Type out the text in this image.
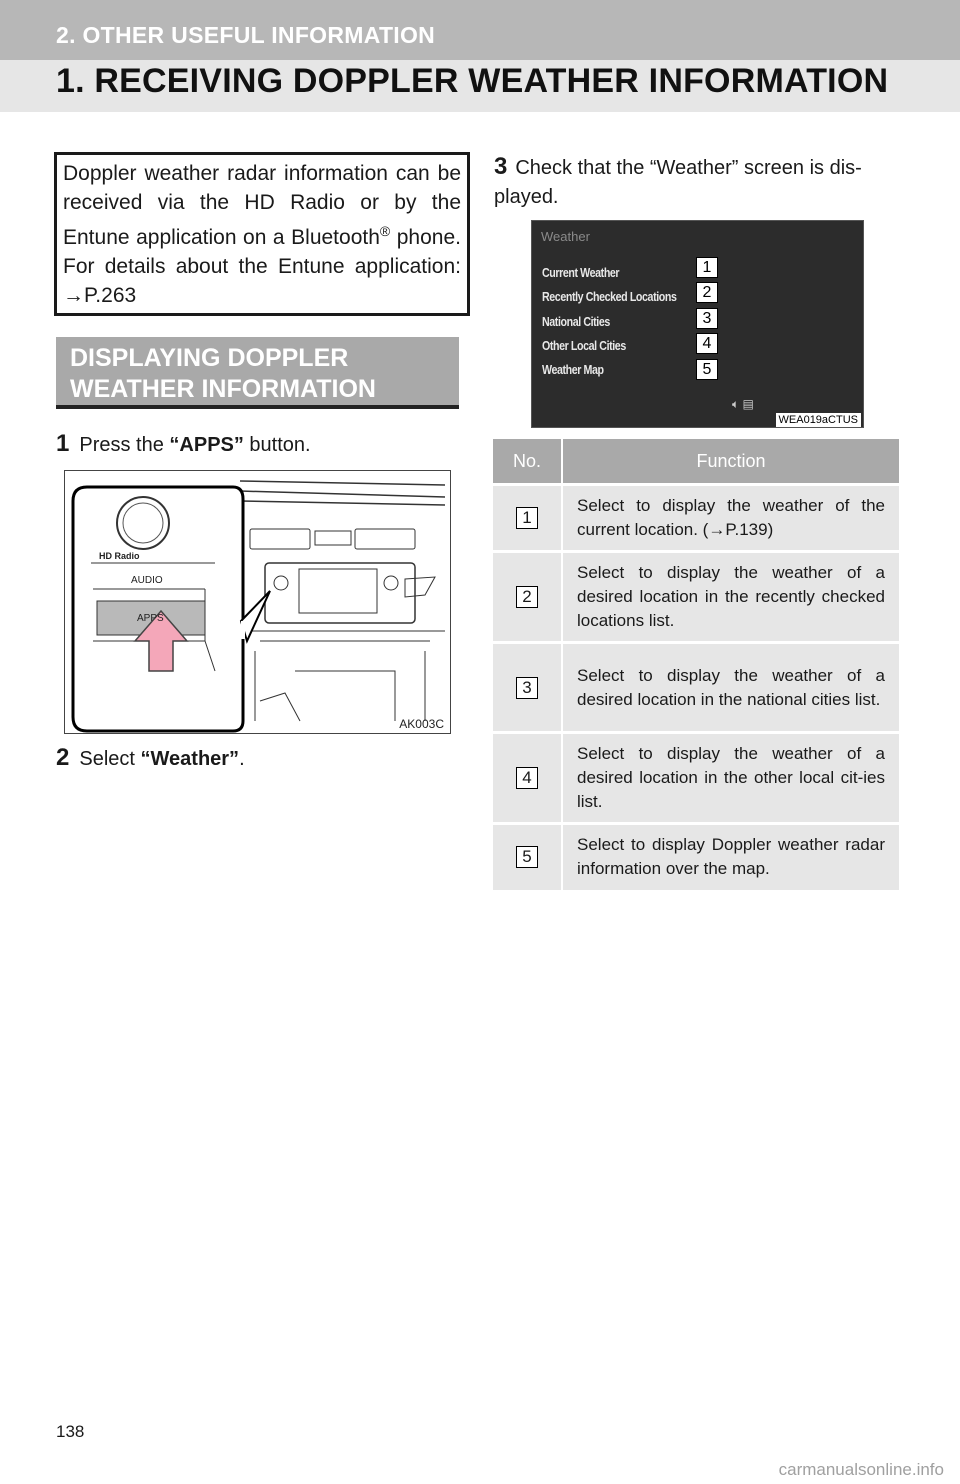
2. OTHER USEFUL INFORMATION
1. RECEIVING DOPPLER WEATHER INFORMATION
Doppler weather radar information can be received via the HD Radio or by the Entune application on a Bluetooth® phone. For details about the Entune application: →P.263
DISPLAYING DOPPLER WEATHER INFORMATION
1 Press the “APPS” button.
HD Radio
AUDIO
APPS
AK003C
2 Select “Weather”.
3 Check that the “Weather” screen is dis-played.
Weather
Current Weather
Recently Checked Locations
National Cities
Other Local Cities
Weather Map
1
2
3
4
5
🔈︎ ▤
WEA019aCTUS
No.	Function
1	Select to display the weather of the current location. (→P.139)
2	Select to display the weather of a desired location in the recently checked locations list.
3	Select to display the weather of a desired location in the national cities list.
4	Select to display the weather of a desired location in the other local cit-ies list.
5	Select to display Doppler weather radar information over the map.
138
carmanualsonline.info
